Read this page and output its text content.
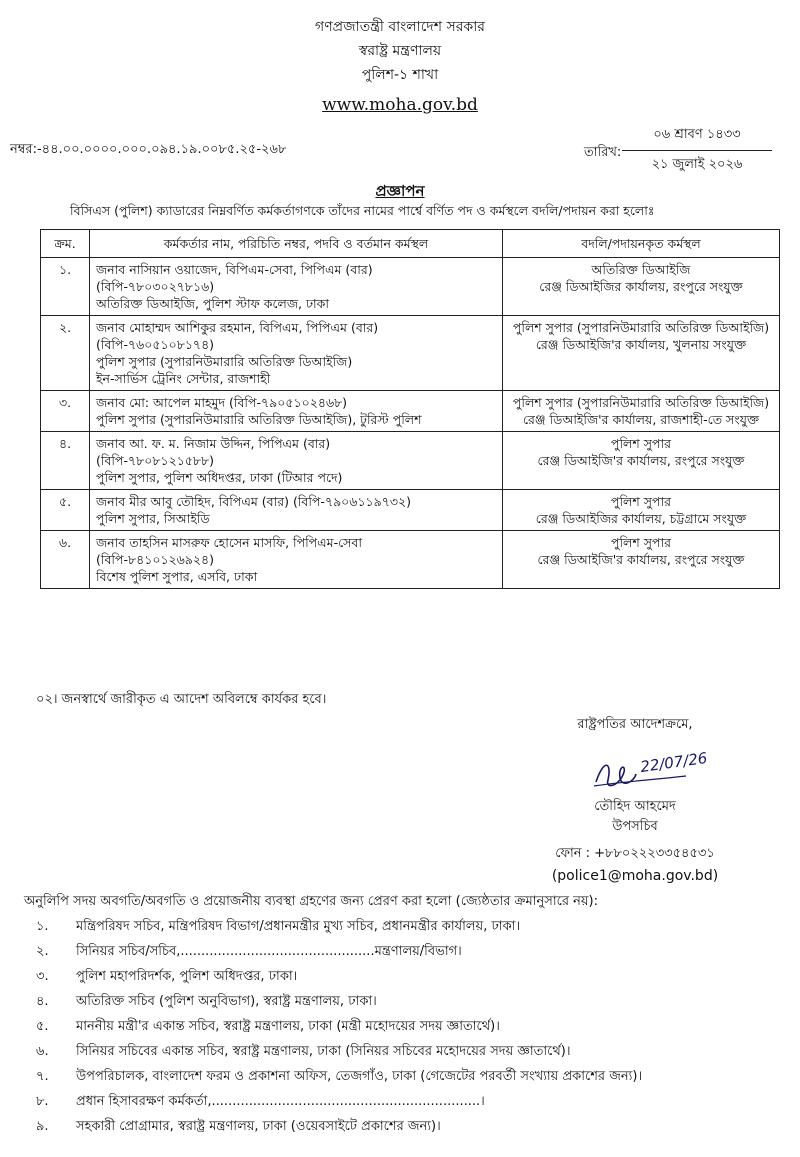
গণপ্রজাতন্ত্রী বাংলাদেশ সরকার
স্বরাষ্ট্র মন্ত্রণালয়
পুলিশ-১ শাখা
www.moha.gov.bd
নম্বর:-৪৪.০০.০০০০.০০০.০৯৪.১৯.০০৮৫.২৫-২৬৮	তারিখ:
০৬ শ্রাবণ ১৪৩৩
২১ জুলাই ২০২৬
প্রজ্ঞাপন
বিসিএস (পুলিশ) ক্যাডারের নিম্নবর্ণিত কর্মকর্তাগণকে তাঁদের নামের পার্শ্বে বর্ণিত পদ ও কর্মস্থলে বদলি/পদায়ন করা হলোঃ
ক্রম.	কর্মকর্তার নাম, পরিচিতি নম্বর, পদবি ও বর্তমান কর্মস্থল	বদলি/পদায়নকৃত কর্মস্থল
১.	জনাব নাসিয়ান ওয়াজেদ, বিপিএম-সেবা, পিপিএম (বার)
(বিপি-৭৮০৩০২৭৮১৬)
অতিরিক্ত ডিআইজি, পুলিশ স্টাফ কলেজ, ঢাকা	অতিরিক্ত ডিআইজি
রেঞ্জ ডিআইজির কার্যালয়, রংপুরে সংযুক্ত

২.	জনাব মোহাম্মদ আশিকুর রহমান, বিপিএম, পিপিএম (বার)
(বিপি-৭৬০৫১০৮১৭৪)
পুলিশ সুপার (সুপারনিউমারারি অতিরিক্ত ডিআইজি)
ইন-সার্ভিস ট্রেনিং সেন্টার, রাজশাহী	পুলিশ সুপার (সুপারনিউমারারি অতিরিক্ত ডিআইজি)
রেঞ্জ ডিআইজি'র কার্যালয়, খুলনায় সংযুক্ত

৩.	জনাব মো: আপেল মাহমুদ (বিপি-৭৯০৫১০২৪৬৮)
পুলিশ সুপার (সুপারনিউমারারি অতিরিক্ত ডিআইজি), টুরিস্ট পুলিশ	পুলিশ সুপার (সুপারনিউমারারি অতিরিক্ত ডিআইজি)
রেঞ্জ ডিআইজি'র কার্যালয়, রাজশাহী-তে সংযুক্ত

৪.	জনাব আ. ফ. ম. নিজাম উদ্দিন, পিপিএম (বার)
(বিপি-৭৮০৮১২১৫৮৮)
পুলিশ সুপার, পুলিশ অধিদপ্তর, ঢাকা (টিআর পদে)	পুলিশ সুপার
রেঞ্জ ডিআইজি'র কার্যালয়, রংপুরে সংযুক্ত

৫.	জনাব মীর আবু তৌহিদ, বিপিএম (বার) (বিপি-৭৯০৬১১৯৭৩২)
পুলিশ সুপার, সিআইডি	পুলিশ সুপার
রেঞ্জ ডিআইজির কার্যালয়, চট্টগ্রামে সংযুক্ত

৬.	জনাব তাহসিন মাসরুফ হোসেন মাসফি, পিপিএম-সেবা
(বিপি-৮৪১০১২৬৯২৪)
বিশেষ পুলিশ সুপার, এসবি, ঢাকা	পুলিশ সুপার
রেঞ্জ ডিআইজি'র কার্যালয়, রংপুরে সংযুক্ত
০২। জনস্বার্থে জারীকৃত এ আদেশ অবিলম্বে কার্যকর হবে।
রাষ্ট্রপতির আদেশক্রমে,
22/07/26
তৌহিদ আহমেদ
উপসচিব
ফোন : +৮৮০২২২৩৩৫৪৫৩১
(police1@moha.gov.bd)
অনুলিপি সদয় অবগতি/অবগতি ও প্রয়োজনীয় ব্যবস্থা গ্রহণের জন্য প্রেরণ করা হলো (জ্যেষ্ঠতার ক্রমানুসারে নয়):
১. মন্ত্রিপরিষদ সচিব, মন্ত্রিপরিষদ বিভাগ/প্রধানমন্ত্রীর মুখ্য সচিব, প্রধানমন্ত্রীর কার্যালয়, ঢাকা।
২. সিনিয়র সচিব/সচিব,...............................................মন্ত্রণালয়/বিভাগ।
৩. পুলিশ মহাপরিদর্শক, পুলিশ অধিদপ্তর, ঢাকা।
৪. অতিরিক্ত সচিব (পুলিশ অনুবিভাগ), স্বরাষ্ট্র মন্ত্রণালয়, ঢাকা।
৫. মাননীয় মন্ত্রী'র একান্ত সচিব, স্বরাষ্ট্র মন্ত্রণালয়, ঢাকা (মন্ত্রী মহোদয়ের সদয় জ্ঞাতার্থে)।
৬. সিনিয়র সচিবের একান্ত সচিব, স্বরাষ্ট্র মন্ত্রণালয়, ঢাকা (সিনিয়র সচিবের মহোদয়ের সদয় জ্ঞাতার্থে)।
৭. উপপরিচালক, বাংলাদেশ ফরম ও প্রকাশনা অফিস, তেজগাঁও, ঢাকা (গেজেটের পরবর্তী সংখ্যায় প্রকাশের জন্য)।
৮. প্রধান হিসাবরক্ষণ কর্মকর্তা,.................................................................।
৯. সহকারী প্রোগ্রামার, স্বরাষ্ট্র মন্ত্রণালয়, ঢাকা (ওয়েবসাইটে প্রকাশের জন্য)।
